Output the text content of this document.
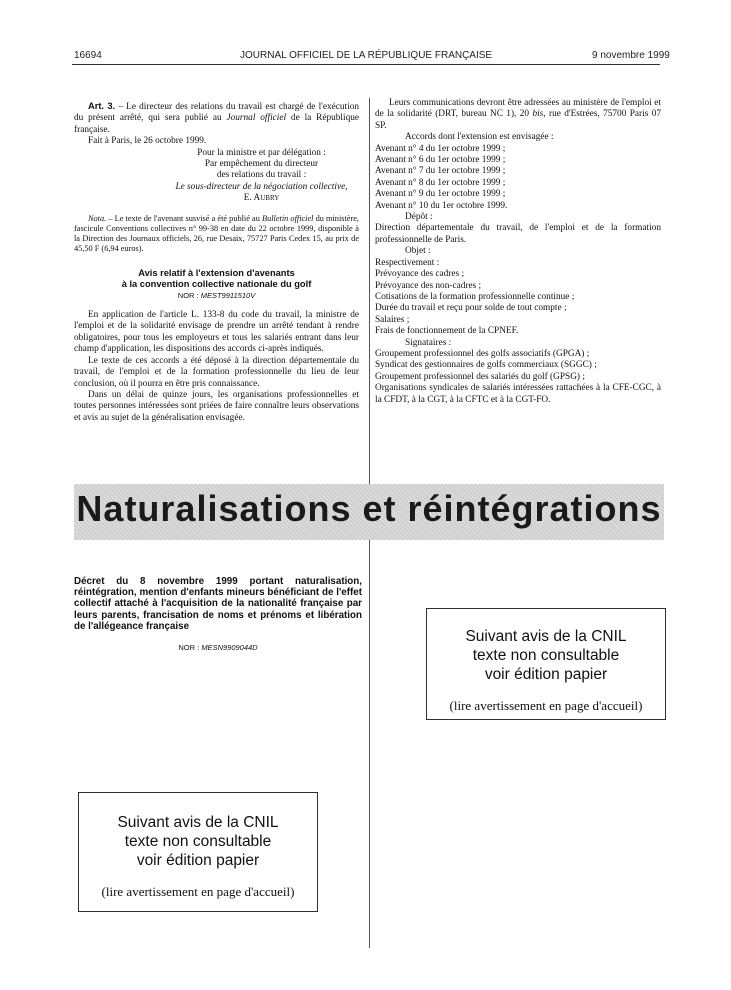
16694	JOURNAL OFFICIEL DE LA RÉPUBLIQUE FRANÇAISE	9 novembre 1999

Art. 3. – Le directeur des relations du travail est chargé de l'exécution du présent arrêté, qui sera publié au Journal officiel de la République française.

Fait à Paris, le 26 octobre 1999.

Pour la ministre et par délégation :
Par empêchement du directeur
des relations du travail :
Le sous-directeur de la négociation collective,
E. Aubry

Nota. – Le texte de l'avenant susvisé a été publié au Bulletin officiel du ministère, fascicule Conventions collectives n° 99-38 en date du 22 octobre 1999, disponible à la Direction des Journaux officiels, 26, rue Desaix, 75727 Paris Cedex 15, au prix de 45,50 F (6,94 euros).

Avis relatif à l'extension d'avenants
à la convention collective nationale du golf
NOR : MEST9911510V

En application de l'article L. 133-8 du code du travail, la ministre de l'emploi et de la solidarité envisage de prendre un arrêté tendant à rendre obligatoires, pour tous les employeurs et tous les salariés entrant dans leur champ d'application, les dispositions des accords ci-après indiqués.

Le texte de ces accords a été déposé à la direction départementale du travail, de l'emploi et de la formation professionnelle du lieu de leur conclusion, où il pourra en être pris connaissance.

Dans un délai de quinze jours, les organisations professionnelles et toutes personnes intéressées sont priées de faire connaître leurs observations et avis au sujet de la généralisation envisagée.

Leurs communications devront être adressées au ministère de l'emploi et de la solidarité (DRT, bureau NC 1), 20 bis, rue d'Estrées, 75700 Paris 07 SP.

Accords dont l'extension est envisagée :

Avenant n° 4 du 1er octobre 1999 ;

Avenant n° 6 du 1er octobre 1999 ;

Avenant n° 7 du 1er octobre 1999 ;

Avenant n° 8 du 1er octobre 1999 ;

Avenant n° 9 du 1er octobre 1999 ;

Avenant n° 10 du 1er octobre 1999.

Dépôt :

Direction départementale du travail, de l'emploi et de la formation professionnelle de Paris.

Objet :

Respectivement :

Prévoyance des cadres ;

Prévoyance des non-cadres ;

Cotisations de la formation professionnelle continue ;

Durée du travail et reçu pour solde de tout compte ;

Salaires ;

Frais de fonctionnement de la CPNEF.

Signataires :

Groupement professionnel des golfs associatifs (GPGA) ;

Syndicat des gestionnaires de golfs commerciaux (SGGC) ;

Groupement professionnel des salariés du golf (GPSG) ;

Organisations syndicales de salariés intéressées rattachées à la CFE-CGC, à la CFDT, à la CGT, à la CFTC et à la CGT-FO.

Naturalisations et réintégrations
Décret du 8 novembre 1999 portant naturalisation, réintégration, mention d'enfants mineurs bénéficiant de l'effet collectif attaché à l'acquisition de la nationalité française par leurs parents, francisation de noms et prénoms et libération de l'allégeance française
NOR : MESN9909044D
Suivant avis de la CNIL
texte non consultable
voir édition papier
(lire avertissement en page d'accueil)
Suivant avis de la CNIL
texte non consultable
voir édition papier
(lire avertissement en page d'accueil)
